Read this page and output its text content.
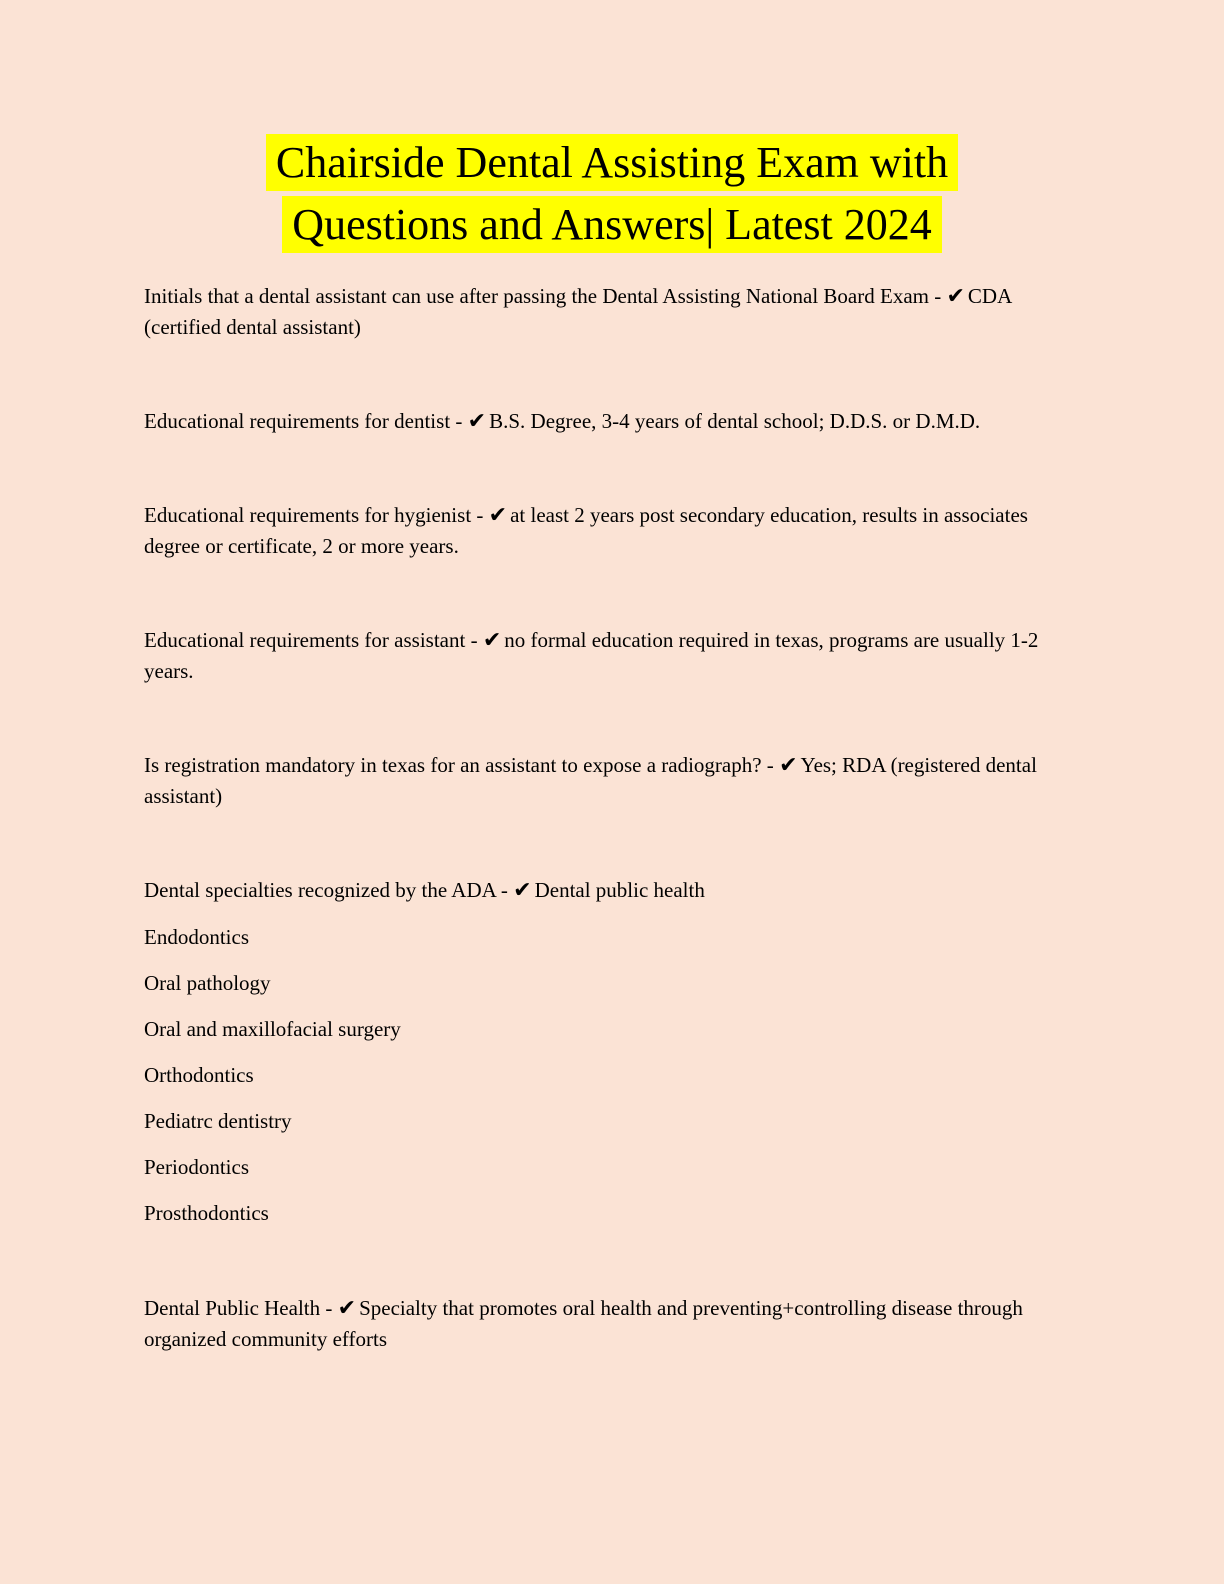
Chairside Dental Assisting Exam with
Questions and Answers| Latest 2024

Initials that a dental assistant can use after passing the Dental Assisting National Board Exam - ✔ CDA (certified dental assistant)

Educational requirements for dentist - ✔ B.S. Degree, 3-4 years of dental school; D.D.S. or D.M.D.

Educational requirements for hygienist - ✔ at least 2 years post secondary education, results in associates degree or certificate, 2 or more years.

Educational requirements for assistant - ✔ no formal education required in texas, programs are usually 1-2 years.

Is registration mandatory in texas for an assistant to expose a radiograph? - ✔ Yes; RDA (registered dental assistant)

Dental specialties recognized by the ADA - ✔ Dental public health

Endodontics

Oral pathology

Oral and maxillofacial surgery

Orthodontics

Pediatrc dentistry

Periodontics

Prosthodontics

Dental Public Health - ✔ Specialty that promotes oral health and preventing+controlling disease through organized community efforts
